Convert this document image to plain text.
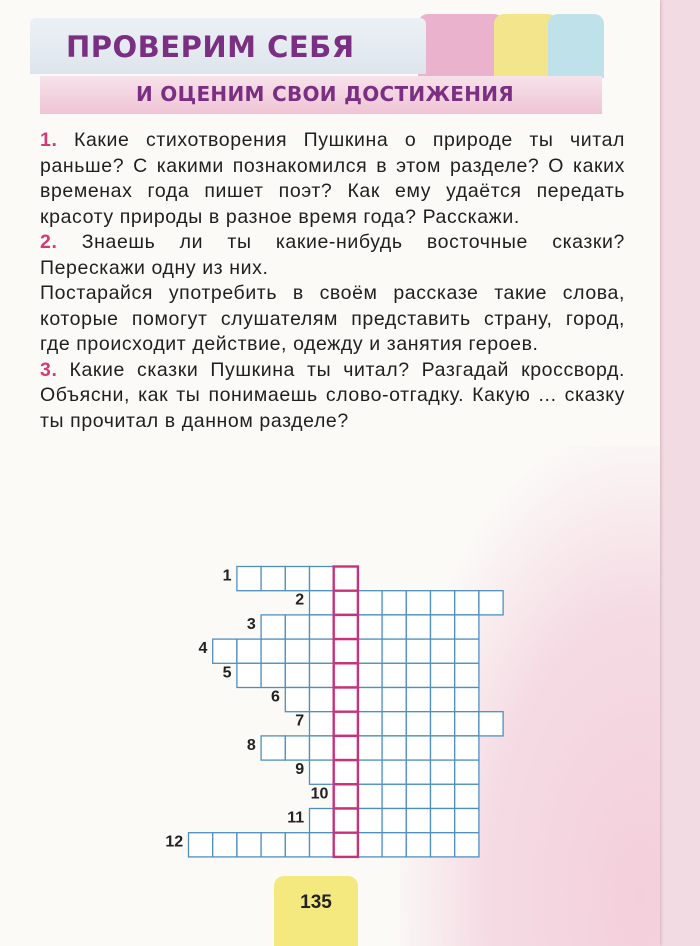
ПРОВЕРИМ СЕБЯ
И ОЦЕНИМ СВОИ ДОСТИЖЕНИЯ

1. Какие стихотворения Пушкина о природе ты читал раньше? С какими познакомился в этом разделе? О каких временах года пишет поэт? Как ему удаётся передать красоту природы в разное время года? Расскажи.

2. Знаешь ли ты какие-нибудь восточные сказки? Перескажи одну из них.

Постарайся употребить в своём рассказе такие слова, которые помогут слушателям представить страну, город, где происходит действие, одежду и занятия героев.

3. Какие сказки Пушкина ты читал? Разгадай кроссворд. Объясни, как ты понимаешь слово-отгадку. Какую ... сказку ты прочитал в данном разделе?

1
2
3
4
5
6
7
8
9
10
11
12
135
